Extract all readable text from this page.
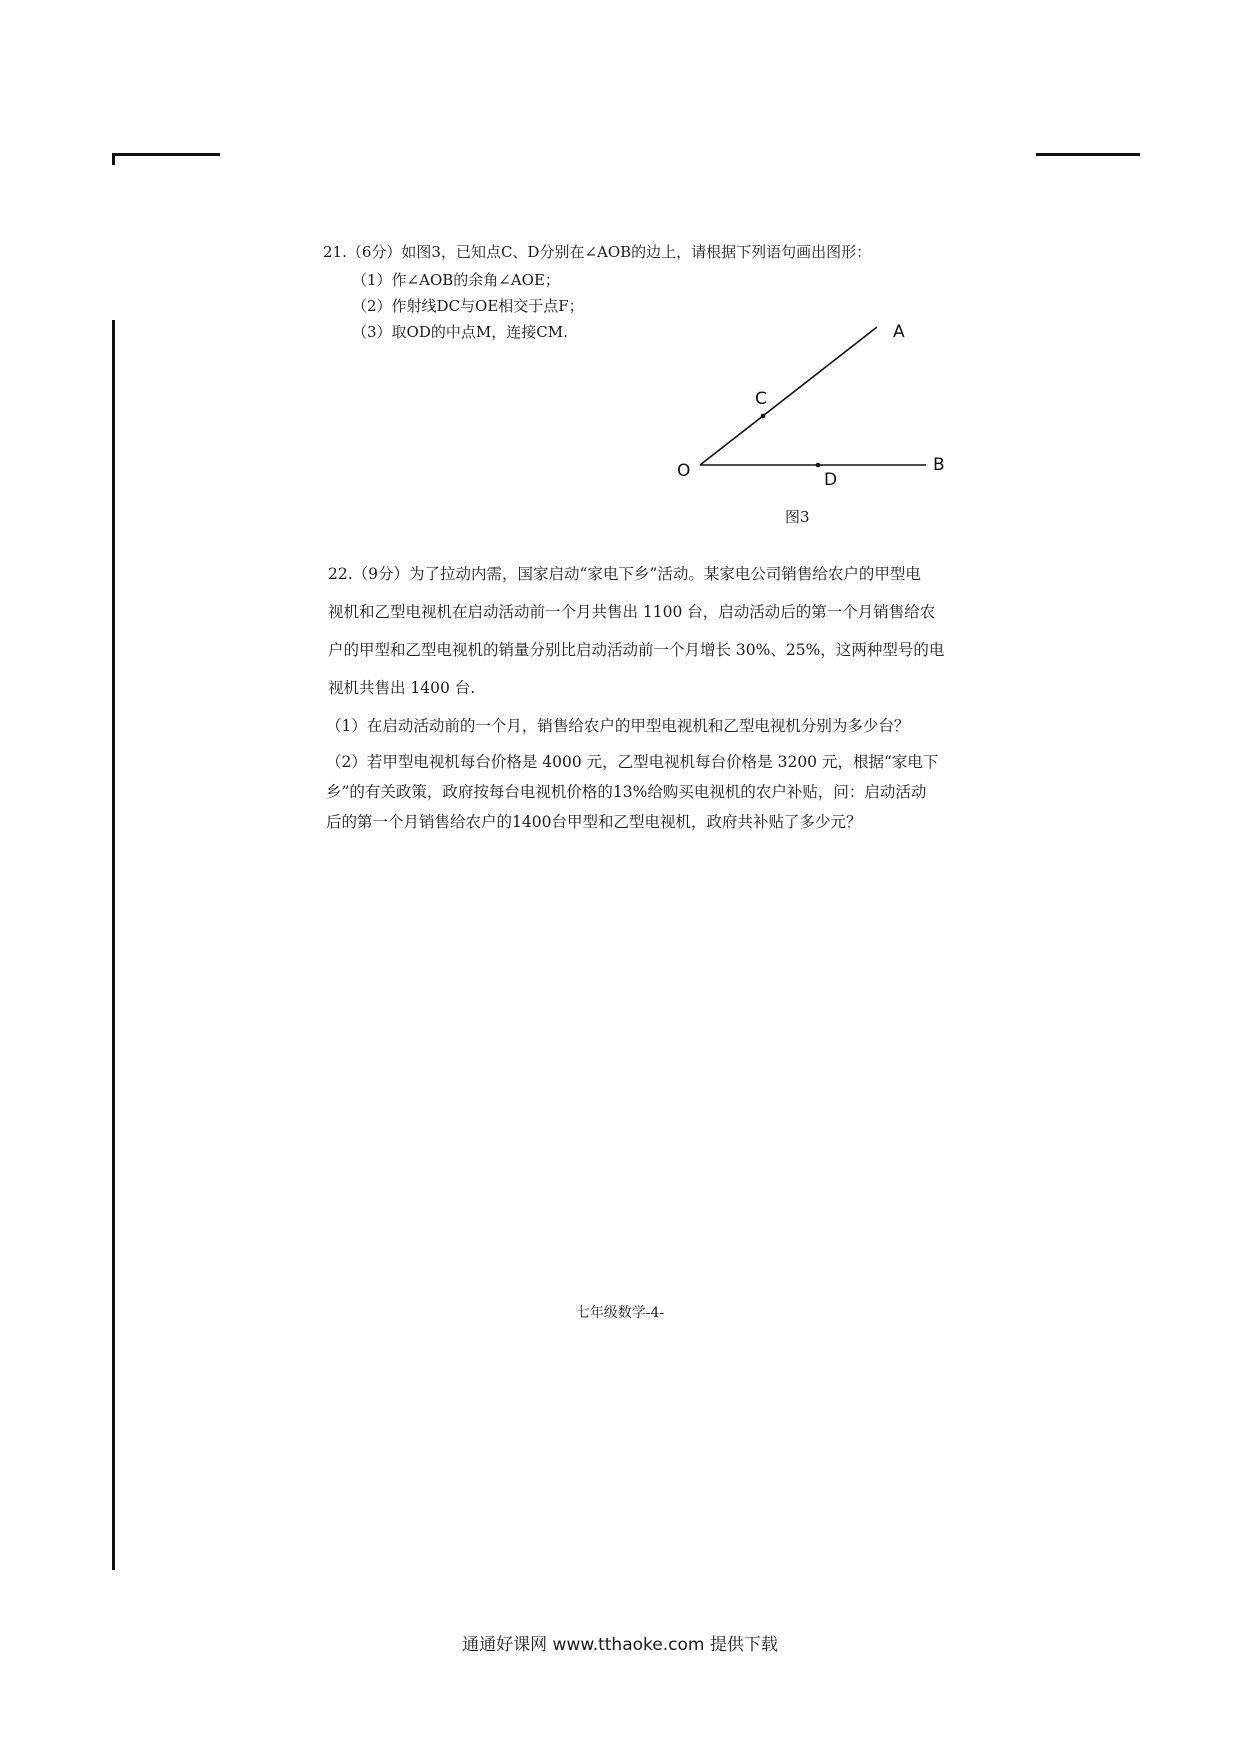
21.（6分）如图3，已知点C、D分别在∠AOB的边上，请根据下列语句画出图形：
（1）作∠AOB的余角∠AOE；
（2）作射线DC与OE相交于点F；
（3）取OD的中点M，连接CM.	A
C
O	D
B
图3
22.（9分）为了拉动内需，国家启动“家电下乡”活动。某家电公司销售给农户的甲型电
视机和乙型电视机在启动活动前一个月共售出 1100 台，启动活动后的第一个月销售给农
户的甲型和乙型电视机的销量分别比启动活动前一个月增长 30%、25%，这两种型号的电
视机共售出 1400 台.
（1）在启动活动前的一个月，销售给农户的甲型电视机和乙型电视机分别为多少台？
（2）若甲型电视机每台价格是 4000 元，乙型电视机每台价格是 3200 元，根据“家电下
乡”的有关政策，政府按每台电视机价格的13%给购买电视机的农户补贴，问：启动活动
后的第一个月销售给农户的1400台甲型和乙型电视机，政府共补贴了多少元？
七年级数学-4-
通通好课网 www.tthaoke.com 提供下载
